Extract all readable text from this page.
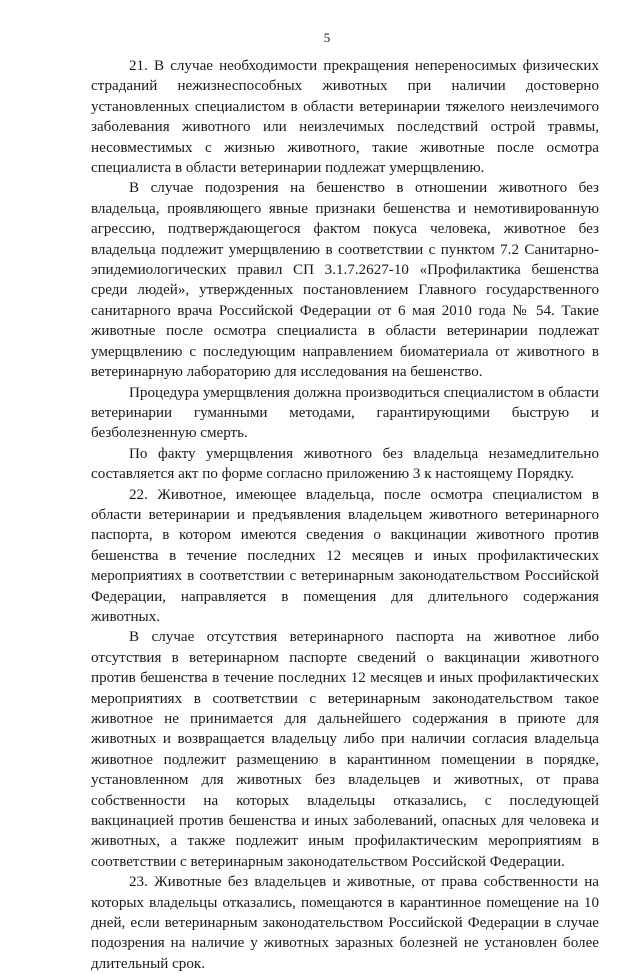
5

21. В случае необходимости прекращения непереносимых физических страданий нежизнеспособных животных при наличии достоверно установленных специалистом в области ветеринарии тяжелого неизлечимого заболевания животного или неизлечимых последствий острой травмы, несовместимых с жизнью животного, такие животные после осмотра специалиста в области ветеринарии подлежат умерщвлению.

В случае подозрения на бешенство в отношении животного без владельца, проявляющего явные признаки бешенства и немотивированную агрессию, подтверждающегося фактом покуса человека, животное без владельца подлежит умерщвлению в соответствии с пунктом 7.2 Санитарно-эпидемиологических правил СП 3.1.7.2627-10 «Профилактика бешенства среди людей», утвержденных постановлением Главного государственного санитарного врача Российской Федерации от 6 мая 2010 года № 54. Такие животные после осмотра специалиста в области ветеринарии подлежат умерщвлению с последующим направлением биоматериала от животного в ветеринарную лабораторию для исследования на бешенство.

Процедура умерщвления должна производиться специалистом в области ветеринарии гуманными методами, гарантирующими быструю и безболезненную смерть.

По факту умерщвления животного без владельца незамедлительно составляется акт по форме согласно приложению 3 к настоящему Порядку.

22. Животное, имеющее владельца, после осмотра специалистом в области ветеринарии и предъявления владельцем животного ветеринарного паспорта, в котором имеются сведения о вакцинации животного против бешенства в течение последних 12 месяцев и иных профилактических мероприятиях в соответствии с ветеринарным законодательством Российской Федерации, направляется в помещения для длительного содержания животных.

В случае отсутствия ветеринарного паспорта на животное либо отсутствия в ветеринарном паспорте сведений о вакцинации животного против бешенства в течение последних 12 месяцев и иных профилактических мероприятиях в соответствии с ветеринарным законодательством такое животное не принимается для дальнейшего содержания в приюте для животных и возвращается владельцу либо при наличии согласия владельца животное подлежит размещению в карантинном помещении в порядке, установленном для животных без владельцев и животных, от права собственности на которых владельцы отказались, с последующей вакцинацией против бешенства и иных заболеваний, опасных для человека и животных, а также подлежит иным профилактическим мероприятиям в соответствии с ветеринарным законодательством Российской Федерации.

23. Животные без владельцев и животные, от права собственности на которых владельцы отказались, помещаются в карантинное помещение на 10 дней, если ветеринарным законодательством Российской Федерации в случае подозрения на наличие у животных заразных болезней не установлен более длительный срок.
